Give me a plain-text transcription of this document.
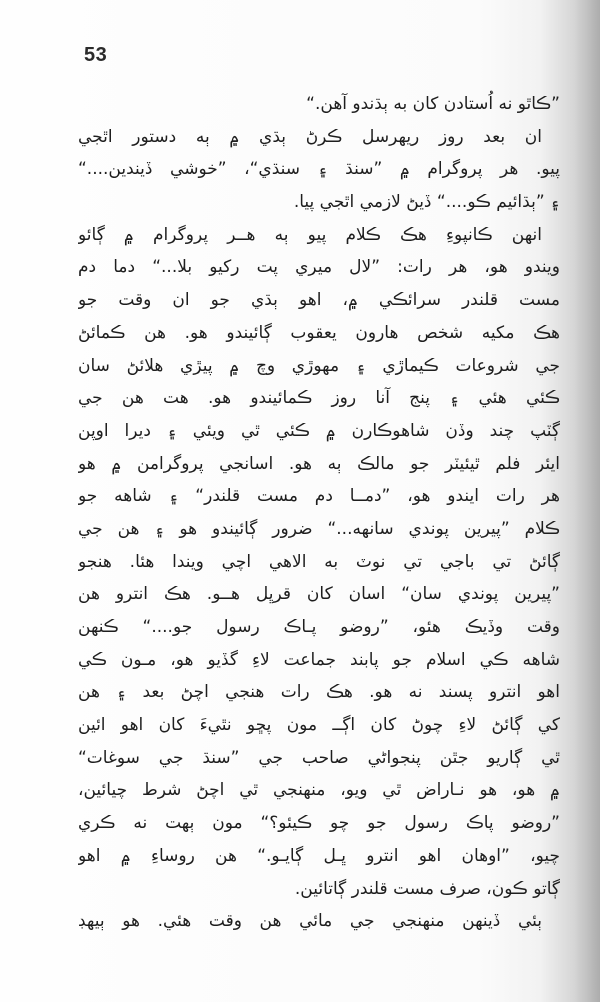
53
”ڪاٿو نه اُستادن کان به ٻڌندو آهن.“
ان بعد روز ريهرسل ڪرڻ ٻڌي ۾ ٻه دستور اٿجي
پيو. هر پروگرام ۾ ”سنڌ ۽ سنڌي“، ”خوشي ڏيندين....“
۽ ”ٻڌائيم ڪو....“ ڏيڻ لازمي اٿجي پيا.
انهن ڪانپوءِ هڪ ڪلام پيو ٻه هــر پروگرام ۾ ڳائو
ويندو هو، هر رات: ”لال ميري پت رکيو بلا...“ دما دم
مست قلندر سرائڪي ۾، اهو ٻڌي جو ان وقت جو
هڪ مکيه شخص هارون يعقوب ڳائيندو هو. هن ڪمائڻ
جي شروعات ڪيماڙي ۽ مهوڙي وچ ۾ پيڙي هلائڻ سان
ڪئي هئي ۽ پنج آنا روز ڪمائيندو هو. هت هن جي
ڳٽپ چند وڏن شاهوڪارن ۾ ڪئي ٿي ويئي ۽ ديرا اوپن
ايئر فلم ٿيئيٽر جو مالڪ ٻه هو. اسانجي پروگرامن ۾ هو
هر رات ايندو هو، ”دمــا دم مست قلندر“ ۽ شاهه جو
ڪلام ”پيرين پوندي سانهه...“ ضرور ڳائيندو هو ۽ هن جي
ڳائڻ تي باجي تي نوٽ به الاهي اچي ويندا هئا. هنجو
”پيرين پوندي سان“ اسان کان قرڀل هــو. هڪ انترو هن
وقت وڏيڪ هئو، ”روضو پـاڪ رسول جو....“ ڪنهن
شاهه ڪي اسلام جو پابند جماعت لاءِ گڏيو هو، مـون ڪي
اهو انترو پسند نه هو. هڪ رات هنجي اچڻ بعد ۽ هن
کي ڳائڻ لاءِ چوڻ کان اڳــ مون پڇو نٿيءَ کان اهو ائين
ٿي ڳاريو جٿن پنجواڻي صاحب جي ”سنڌ جي سوغات“
۾ هو، هو نـاراض ٿي ويو، منهنجي ٿي اچڻ شرط چيائين،
”روضو پاڪ رسول جو چو ڪيئو؟“ مون ٻهت نه ڪري
چيو، ”اوهان اهو انترو ڀـل ڳايـو.“ هن روساءِ ۾ اهو
ڳاتو ڪون، صرف مست قلندر ڳاتائين.
ٻئي ڏينهن منهنجي جي مائي هن وقت هئي. هو ٻيهڊ
